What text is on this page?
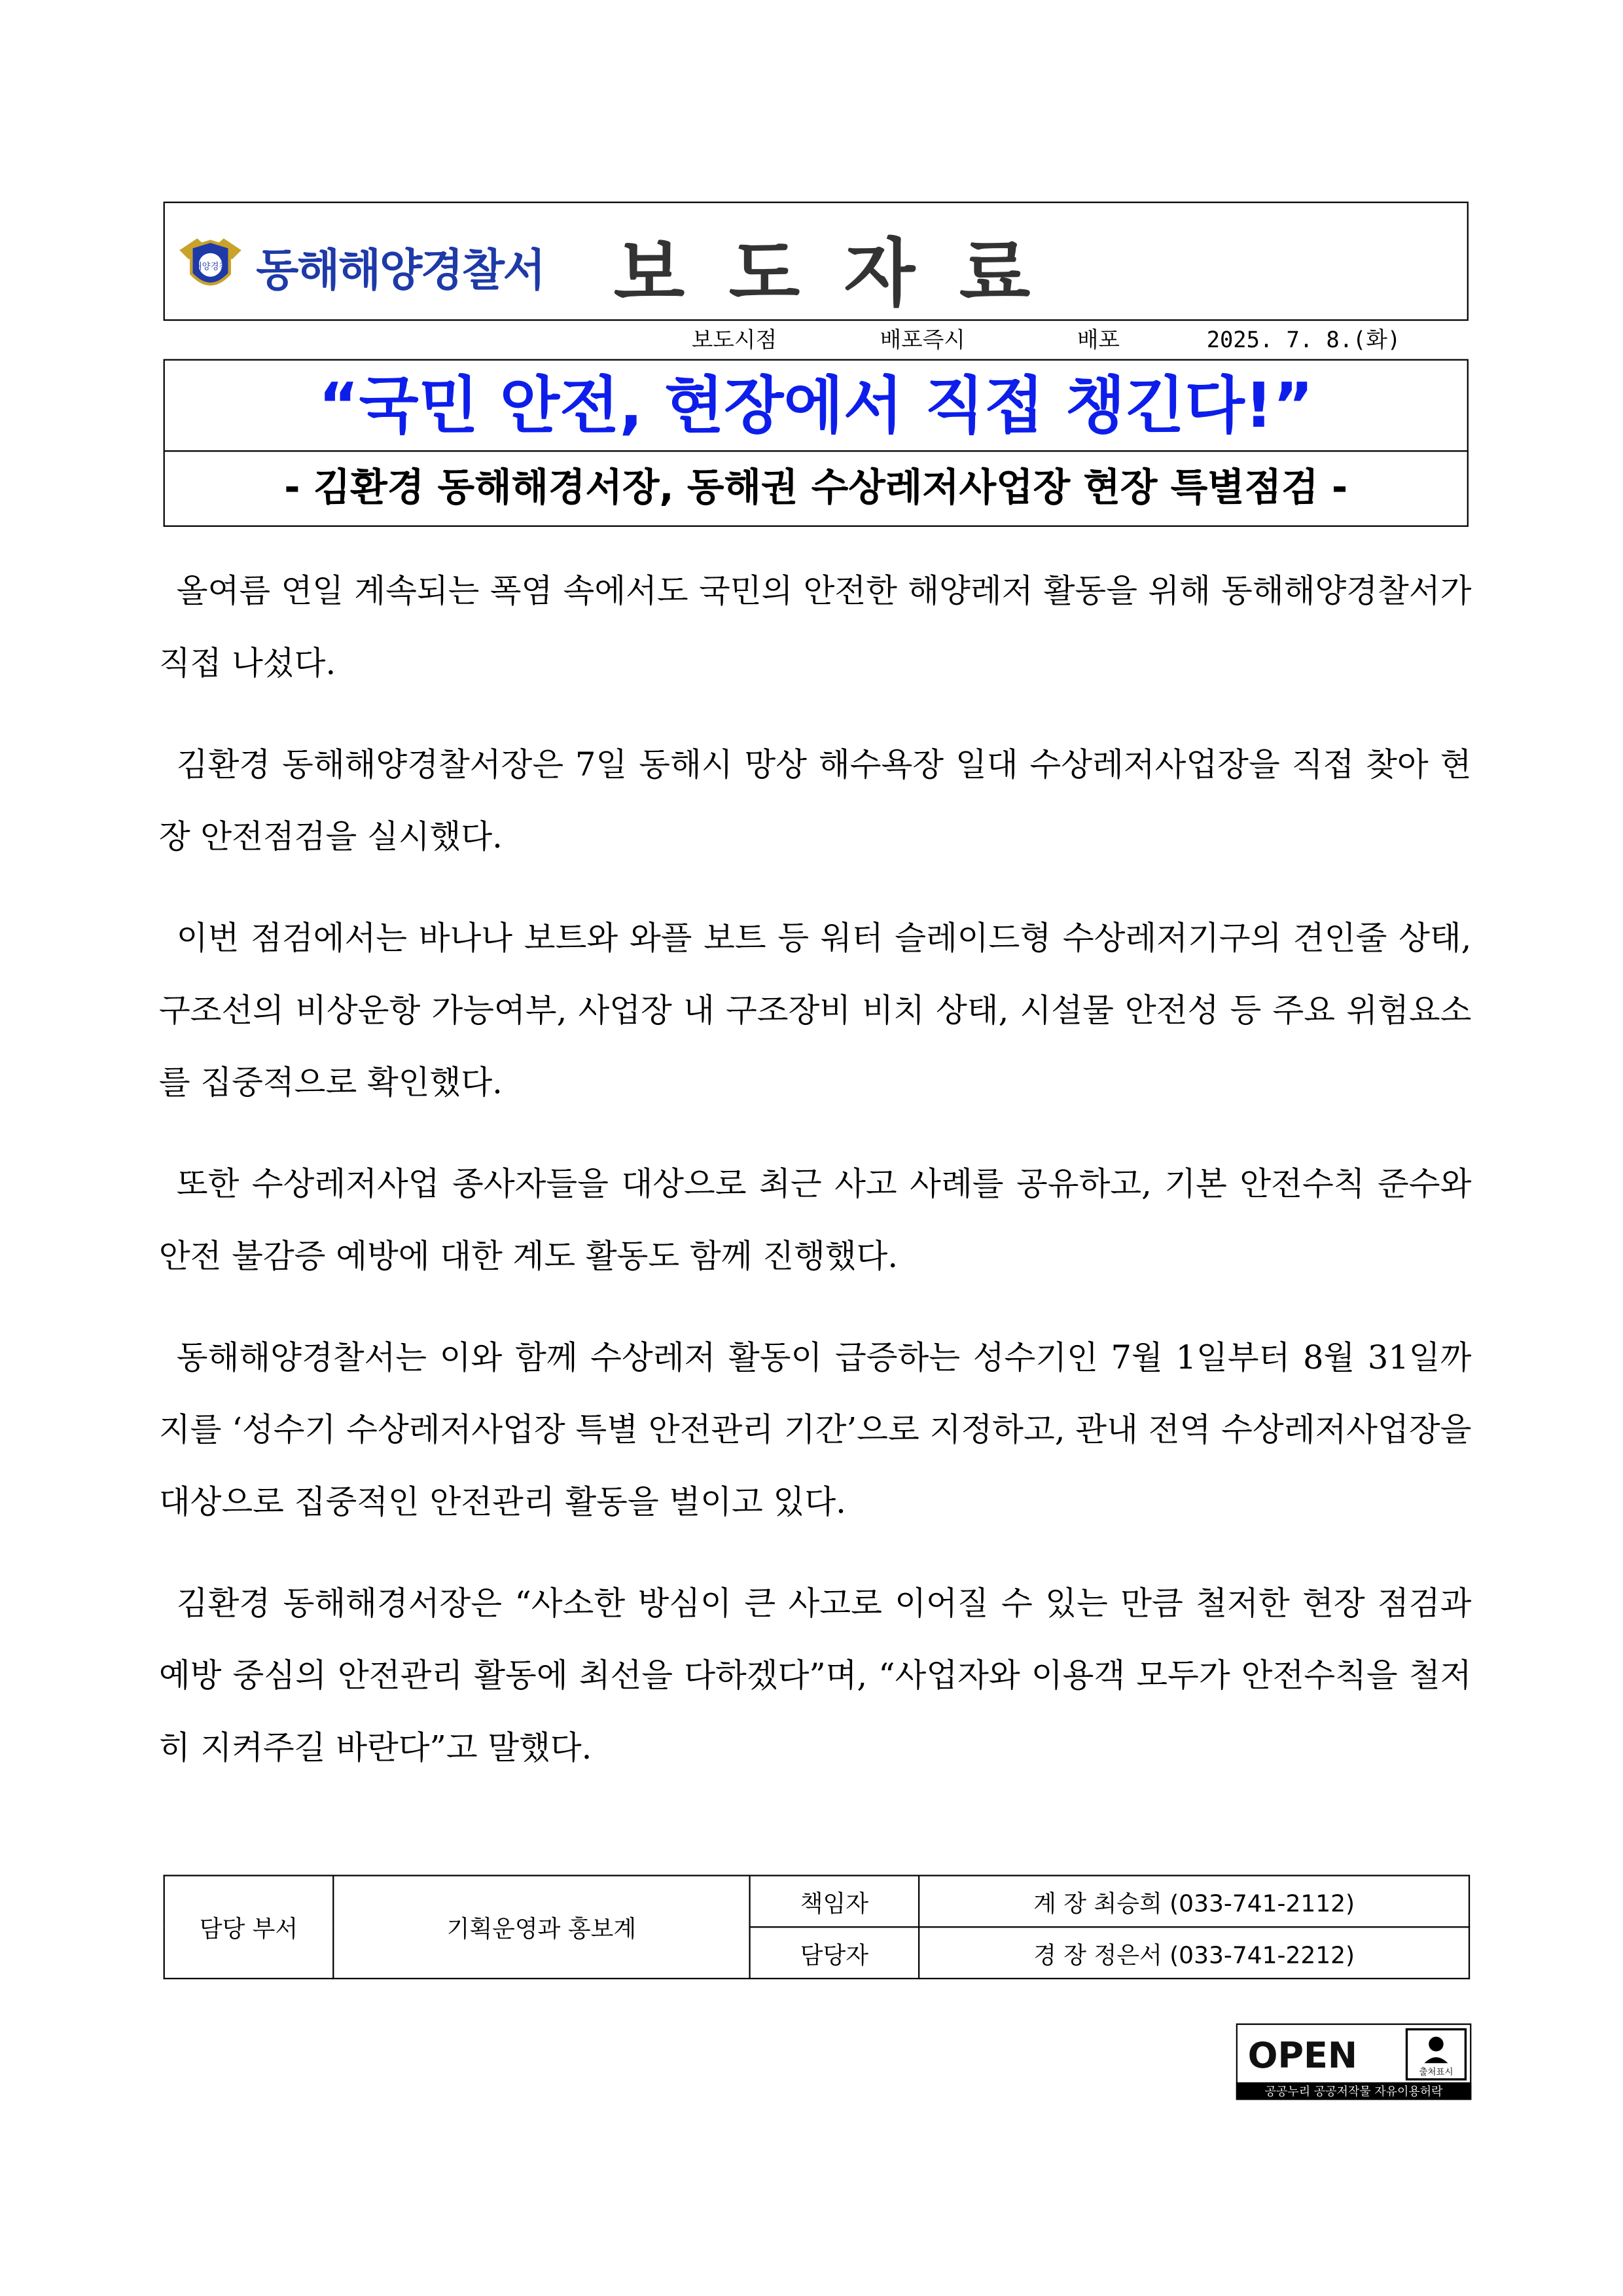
해양경찰 동해해양경찰서 보도자료
보도시점	배포즉시	배포	2025. 7. 8.(화)
“국민 안전, 현장에서 직접 챙긴다!”
- 김환경 동해해경서장, 동해권 수상레저사업장 현장 특별점검 -

올여름 연일 계속되는 폭염 속에서도 국민의 안전한 해양레저 활동을 위해 동해해양경찰서가 직접 나섰다.

김환경 동해해양경찰서장은 7일 동해시 망상 해수욕장 일대 수상레저사업장을 직접 찾아 현장 안전점검을 실시했다.

이번 점검에서는 바나나 보트와 와플 보트 등 워터 슬레이드형 수상레저기구의 견인줄 상태, 구조선의 비상운항 가능여부, 사업장 내 구조장비 비치 상태, 시설물 안전성 등 주요 위험요소를 집중적으로 확인했다.

또한 수상레저사업 종사자들을 대상으로 최근 사고 사례를 공유하고, 기본 안전수칙 준수와 안전 불감증 예방에 대한 계도 활동도 함께 진행했다.

동해해양경찰서는 이와 함께 수상레저 활동이 급증하는 성수기인 7월 1일부터 8월 31일까지를 ‘성수기 수상레저사업장 특별 안전관리 기간’으로 지정하고, 관내 전역 수상레저사업장을 대상으로 집중적인 안전관리 활동을 벌이고 있다.

김환경 동해해경서장은 “사소한 방심이 큰 사고로 이어질 수 있는 만큼 철저한 현장 점검과 예방 중심의 안전관리 활동에 최선을 다하겠다”며, “사업자와 이용객 모두가 안전수칙을 철저히 지켜주길 바란다”고 말했다.

담당 부서	기획운영과 홍보계	책임자	계 장 최승희 (033-741-2112)
		담당자	경 장 정은서 (033-741-2212)
OPEN	출처표시
공공누리 공공저작물 자유이용허락
